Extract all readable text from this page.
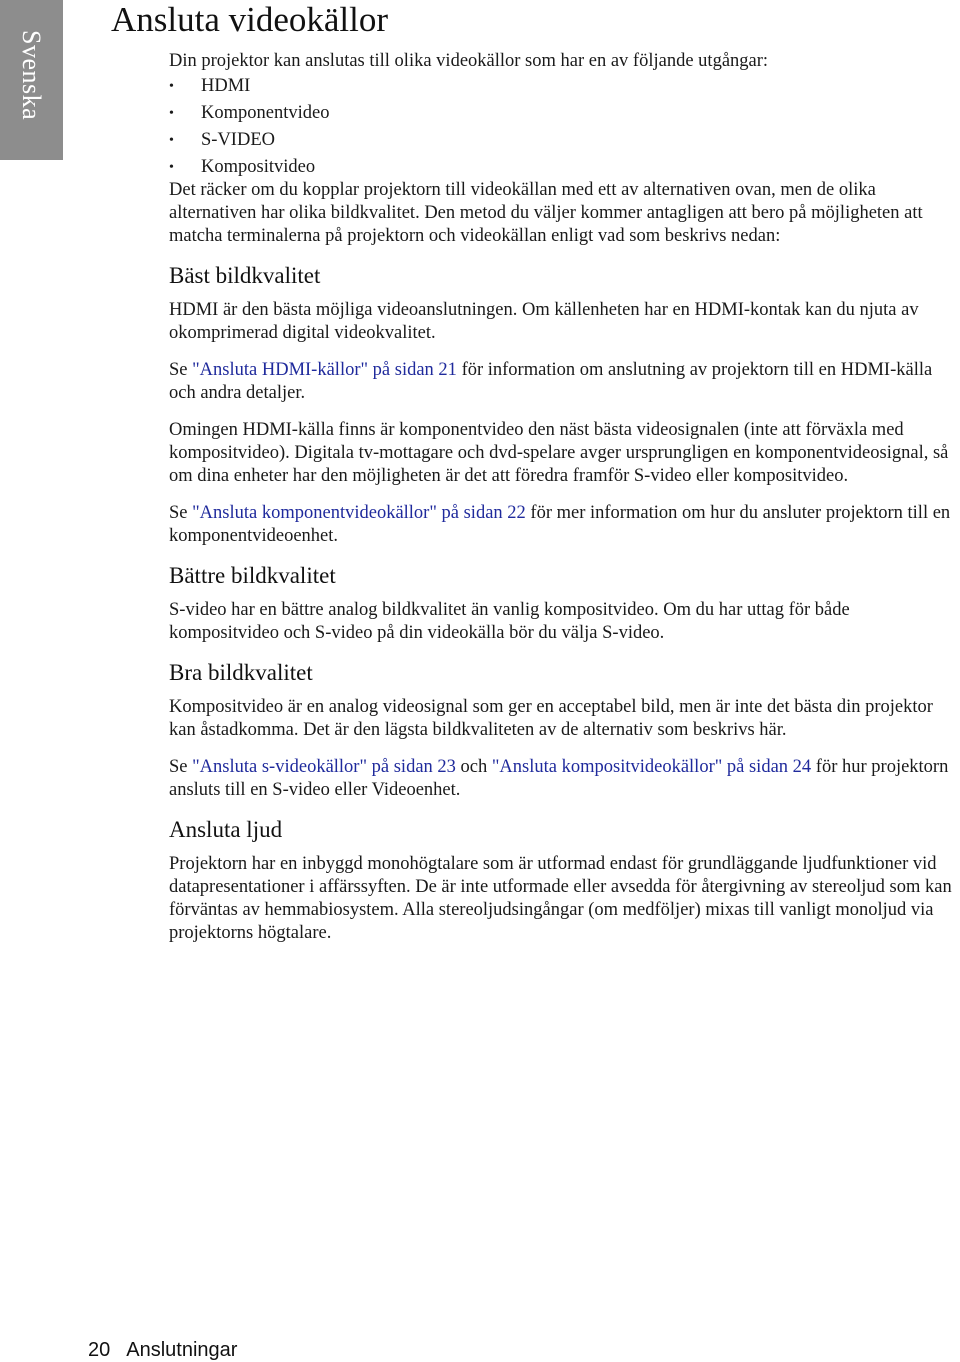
Svenska
Ansluta videokällor

Din projektor kan anslutas till olika videokällor som har en av följande utgångar:

• HDMI
• Komponentvideo
• S-VIDEO
• Kompositvideo

Det räcker om du kopplar projektorn till videokällan med ett av alternativen ovan, men de olika alternativen har olika bildkvalitet. Den metod du väljer kommer antagligen att bero på möjligheten att matcha terminalerna på projektorn och videokällan enligt vad som beskrivs nedan:

Bäst bildkvalitet

HDMI är den bästa möjliga videoanslutningen. Om källenheten har en HDMI-kontak kan du njuta av okomprimerad digital videokvalitet.

Se "Ansluta HDMI-källor" på sidan 21 för information om anslutning av projektorn till en HDMI-källa och andra detaljer.

Omingen HDMI-källa finns är komponentvideo den näst bästa videosignalen (inte att förväxla med kompositvideo). Digitala tv-mottagare och dvd-spelare avger ursprungligen en komponentvideosignal, så om dina enheter har den möjligheten är det att föredra framför S-video eller kompositvideo.

Se "Ansluta komponentvideokällor" på sidan 22 för mer information om hur du ansluter projektorn till en komponentvideoenhet.

Bättre bildkvalitet

S-video har en bättre analog bildkvalitet än vanlig kompositvideo. Om du har uttag för både kompositvideo och S-video på din videokälla bör du välja S-video.

Bra bildkvalitet

Kompositvideo är en analog videosignal som ger en acceptabel bild, men är inte det bästa din projektor kan åstadkomma. Det är den lägsta bildkvaliteten av de alternativ som beskrivs här.

Se "Ansluta s-videokällor" på sidan 23 och "Ansluta kompositvideokällor" på sidan 24 för hur projektorn ansluts till en S-video eller Videoenhet.

Ansluta ljud

Projektorn har en inbyggd monohögtalare som är utformad endast för grundläggande ljudfunktioner vid datapresentationer i affärssyften. De är inte utformade eller avsedda för återgivning av stereoljud som kan förväntas av hemmabiosystem. Alla stereoljudsingångar (om medföljer) mixas till vanligt monoljud via projektorns högtalare.

20 Anslutningar
